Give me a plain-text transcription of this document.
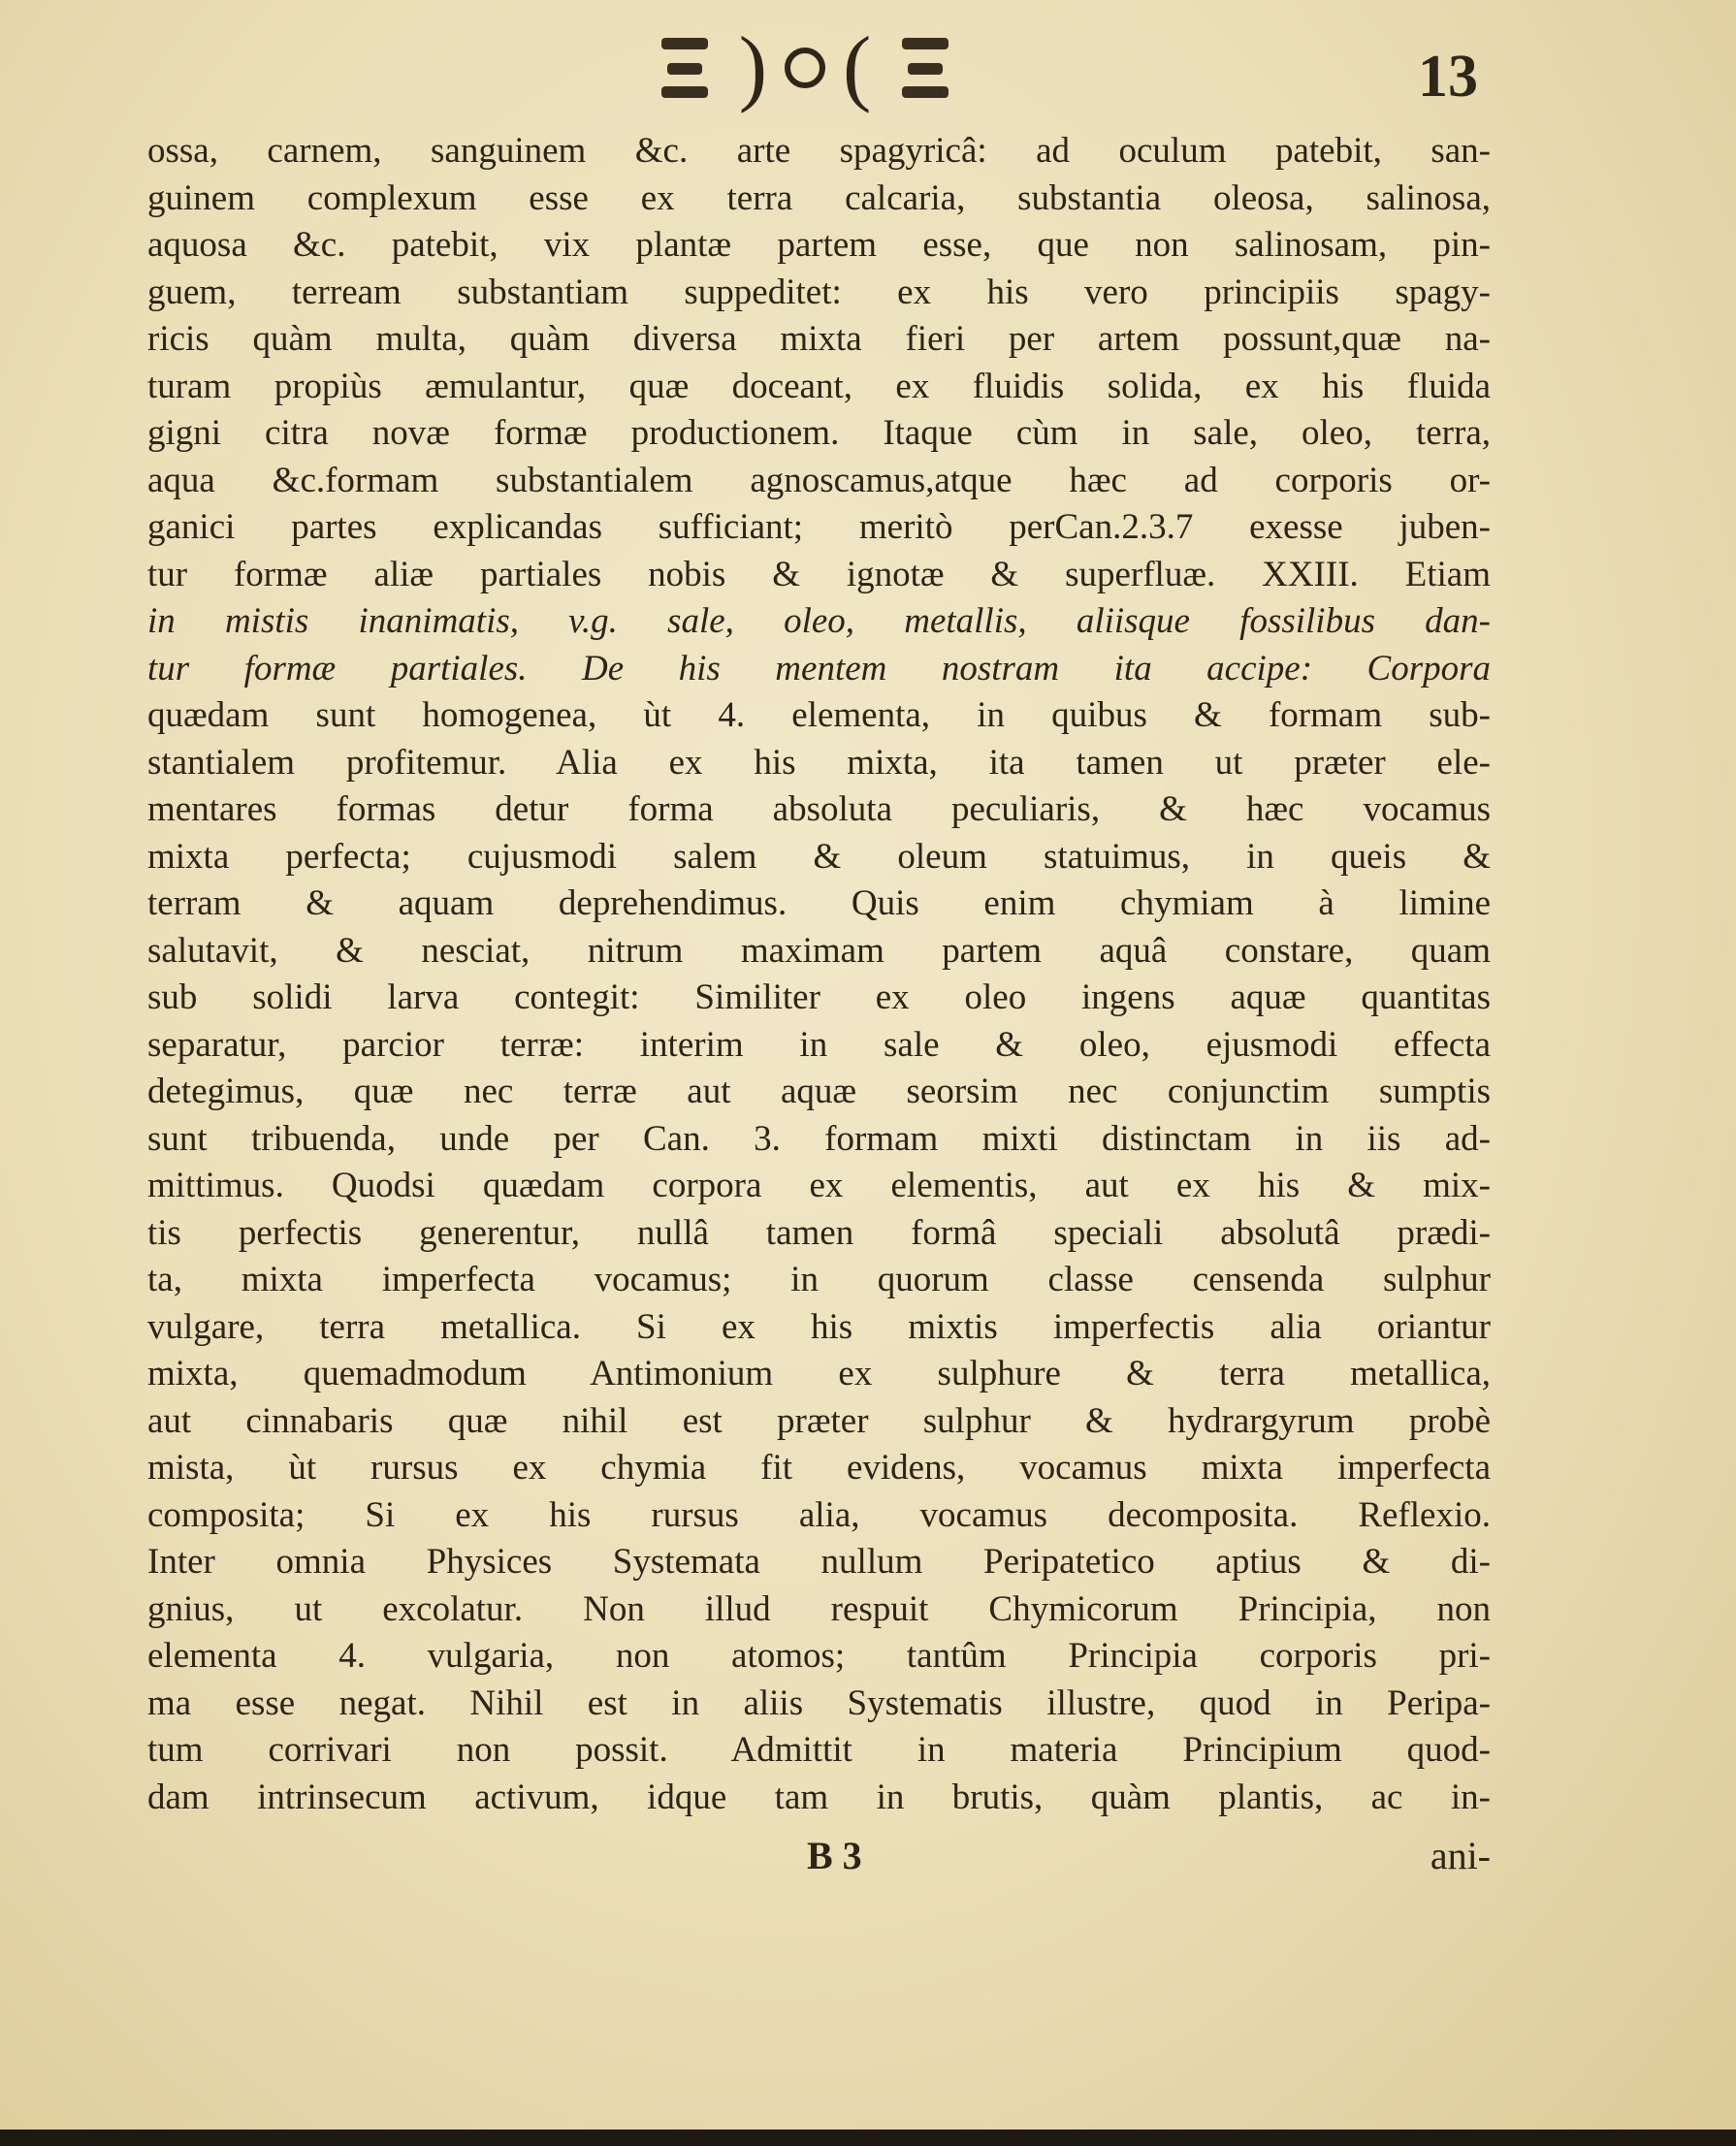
) (	13
ossa, carnem, sanguinem &c. arte spagyricâ: ad oculum patebit, san-
guinem complexum esse ex terra calcaria, substantia oleosa, salinosa,
aquosa &c. patebit, vix plantæ partem esse, que non salinosam, pin-
guem, terream substantiam suppeditet: ex his vero principiis spagy-
ricis quàm multa, quàm diversa mixta fieri per artem possunt,quæ na-
turam propiùs æmulantur, quæ doceant, ex fluidis solida, ex his fluida
gigni citra novæ formæ productionem. Itaque cùm in sale, oleo, terra,
aqua &c.formam substantialem agnoscamus,atque hæc ad corporis or-
ganici partes explicandas sufficiant; meritò perCan.2.3.7 exesse juben-
tur formæ aliæ partiales nobis & ignotæ & superfluæ. XXIII. Etiam
in mistis inanimatis, v.g. sale, oleo, metallis, aliisque fossilibus dan-
tur formæ partiales. De his mentem nostram ita accipe: Corpora
quædam sunt homogenea, ùt 4. elementa, in quibus & formam sub-
stantialem profitemur. Alia ex his mixta, ita tamen ut præter ele-
mentares formas detur forma absoluta peculiaris, & hæc vocamus
mixta perfecta; cujusmodi salem & oleum statuimus, in queis &
terram & aquam deprehendimus. Quis enim chymiam à limine
salutavit, & nesciat, nitrum maximam partem aquâ constare, quam
sub solidi larva contegit: Similiter ex oleo ingens aquæ quantitas
separatur, parcior terræ: interim in sale & oleo, ejusmodi effecta
detegimus, quæ nec terræ aut aquæ seorsim nec conjunctim sumptis
sunt tribuenda, unde per Can. 3. formam mixti distinctam in iis ad-
mittimus. Quodsi quædam corpora ex elementis, aut ex his & mix-
tis perfectis generentur, nullâ tamen formâ speciali absolutâ prædi-
ta, mixta imperfecta vocamus; in quorum classe censenda sulphur
vulgare, terra metallica. Si ex his mixtis imperfectis alia oriantur
mixta, quemadmodum Antimonium ex sulphure & terra metallica,
aut cinnabaris quæ nihil est præter sulphur & hydrargyrum probè
mista, ùt rursus ex chymia fit evidens, vocamus mixta imperfecta
composita; Si ex his rursus alia, vocamus decomposita. Reflexio.
Inter omnia Physices Systemata nullum Peripatetico aptius & di-
gnius, ut excolatur. Non illud respuit Chymicorum Principia, non
elementa 4. vulgaria, non atomos; tantûm Principia corporis pri-
ma esse negat. Nihil est in aliis Systematis illustre, quod in Peripa-
tum corrivari non possit. Admittit in materia Principium quod-
dam intrinsecum activum, idque tam in brutis, quàm plantis, ac in-
B 3	ani-
